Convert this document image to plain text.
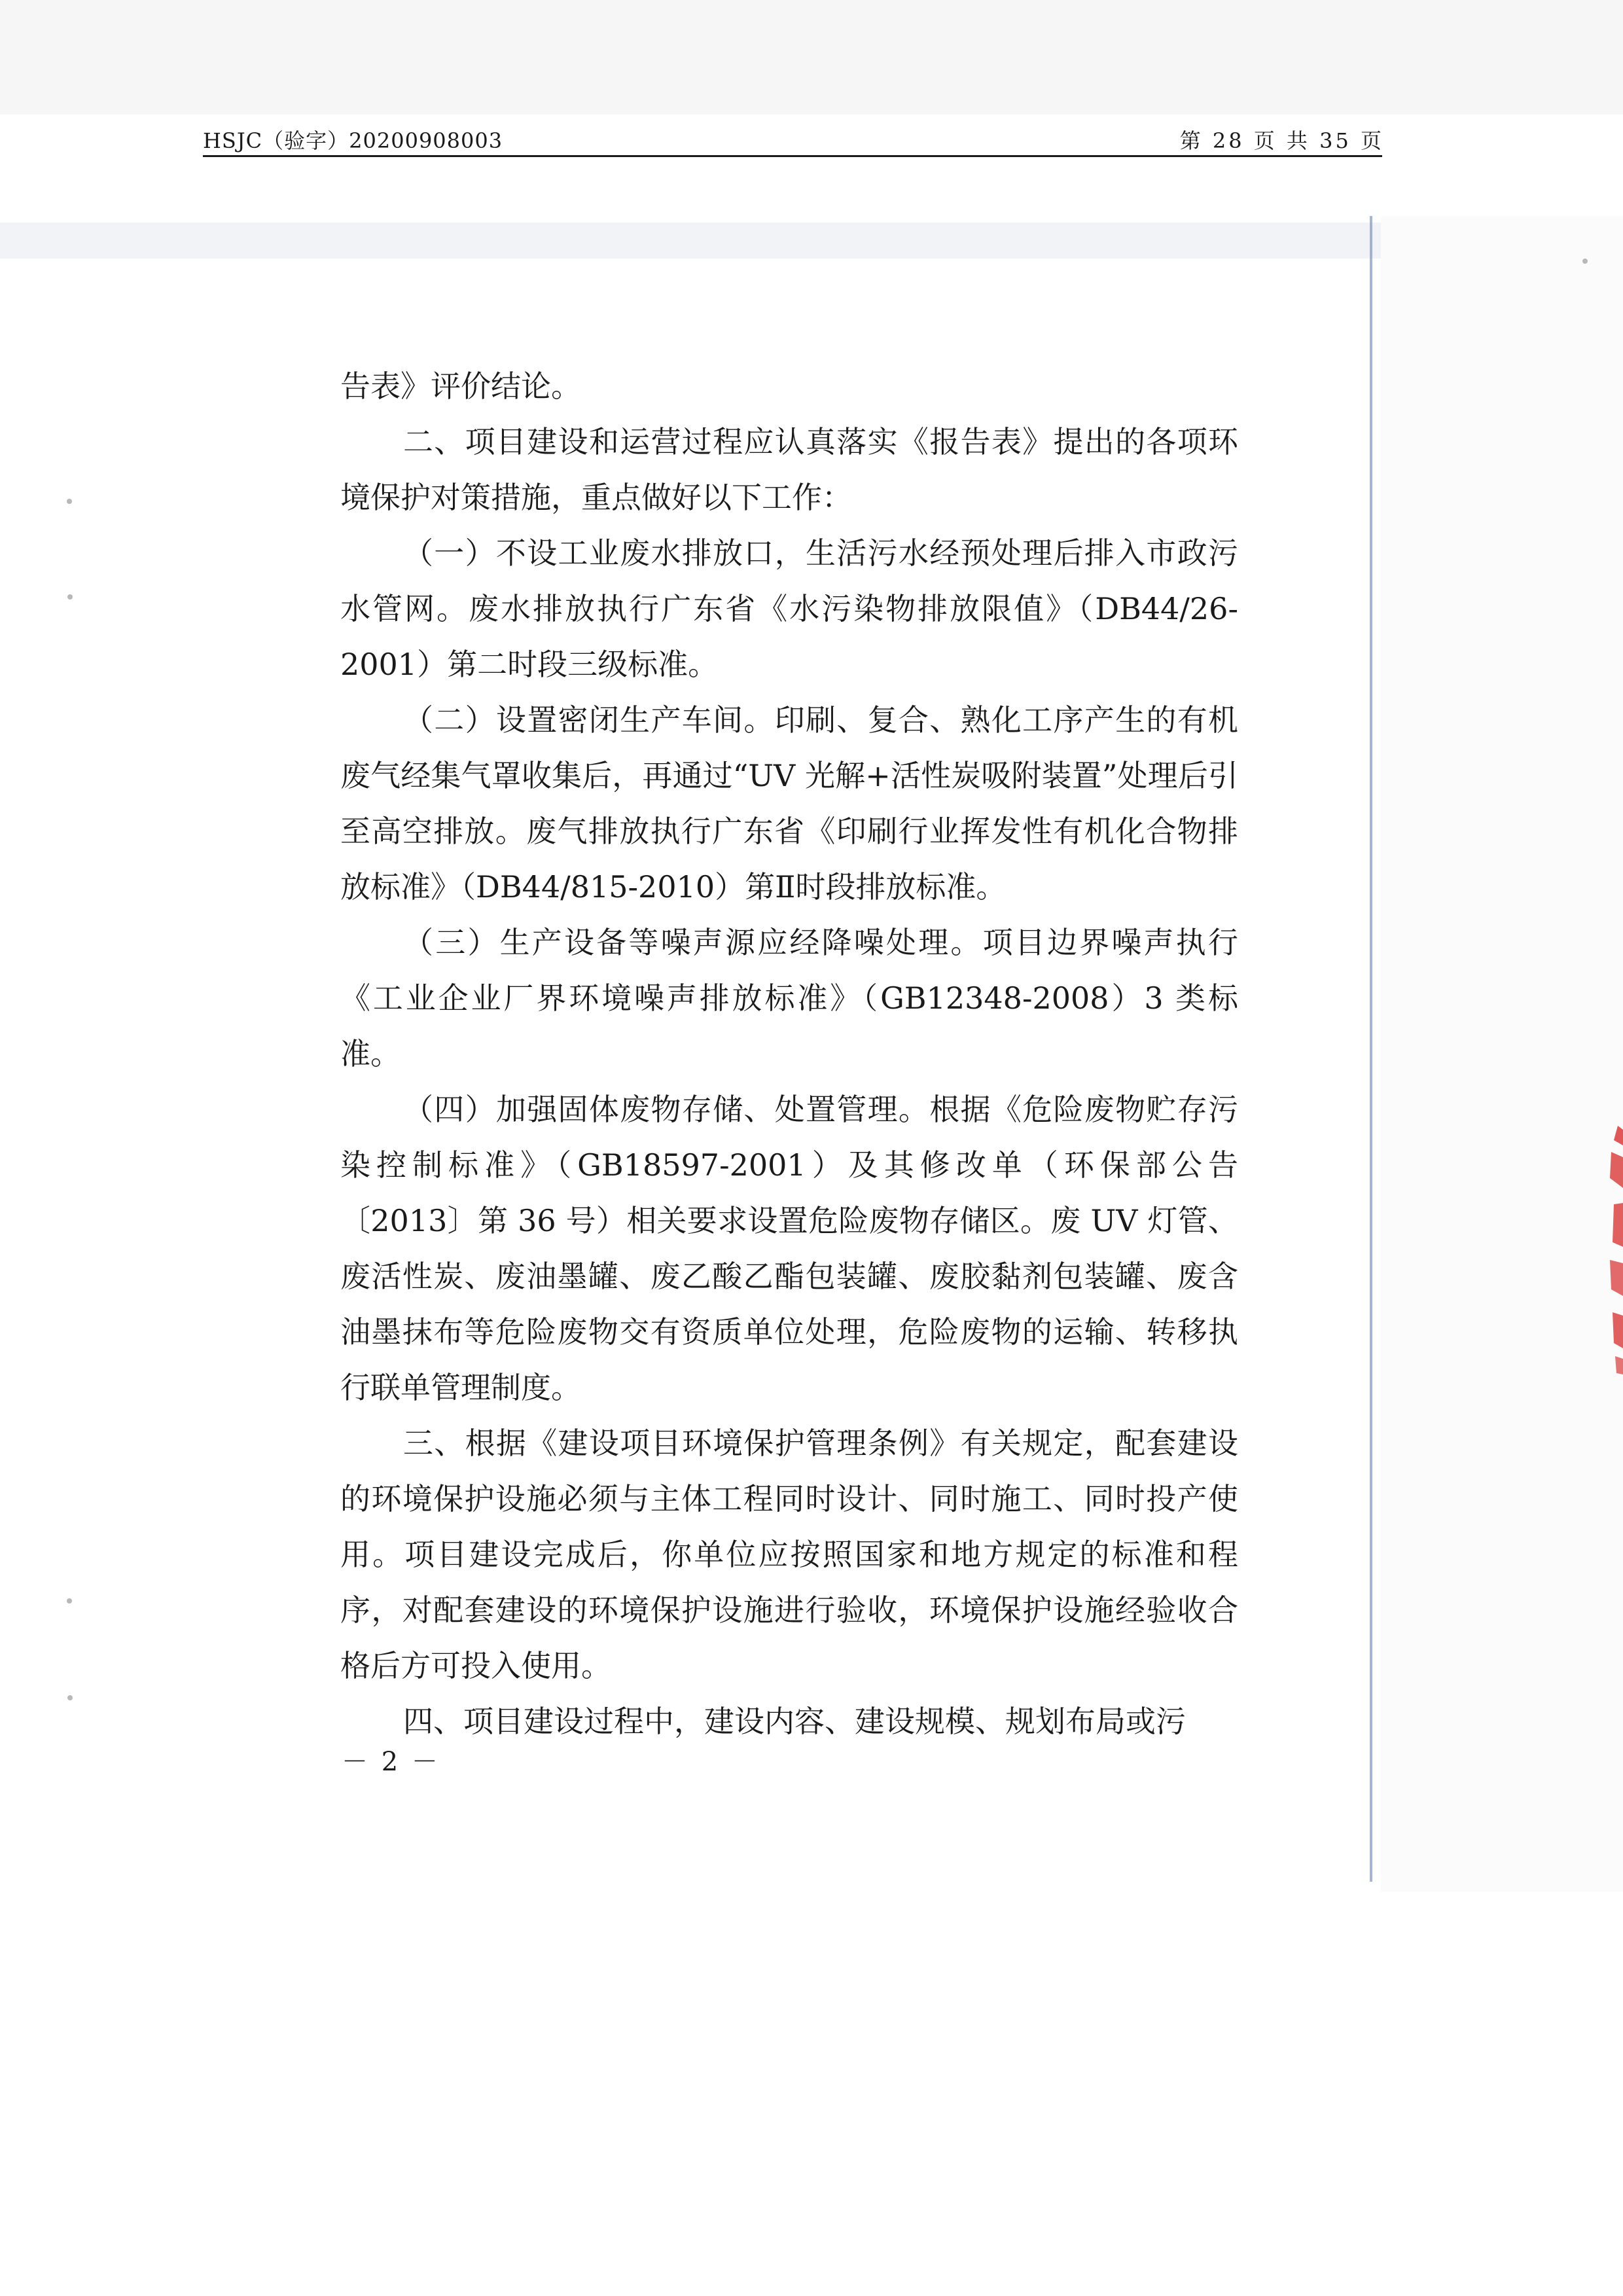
HSJC（验字）20200908003	第 28 页 共 35 页

告表》评价结论。

二、项目建设和运营过程应认真落实《报告表》提出的各项环境保护对策措施，重点做好以下工作：

（一）不设工业废水排放口，生活污水经预处理后排入市政污水管网。废水排放执行广东省《水污染物排放限值》（DB44/26-2001）第二时段三级标准。

（二）设置密闭生产车间。印刷、复合、熟化工序产生的有机废气经集气罩收集后，再通过“UV 光解+活性炭吸附装置”处理后引至高空排放。废气排放执行广东省《印刷行业挥发性有机化合物排放标准》（DB44/815-2010）第Ⅱ时段排放标准。

（三）生产设备等噪声源应经降噪处理。项目边界噪声执行《工业企业厂界环境噪声排放标准》（GB12348-2008）3 类标准。

（四）加强固体废物存储、处置管理。根据《危险废物贮存污染控制标准》（GB18597-2001）及其修改单（环保部公告〔2013〕第 36 号）相关要求设置危险废物存储区。废 UV 灯管、废活性炭、废油墨罐、废乙酸乙酯包装罐、废胶黏剂包装罐、废含油墨抹布等危险废物交有资质单位处理，危险废物的运输、转移执行联单管理制度。

三、根据《建设项目环境保护管理条例》有关规定，配套建设的环境保护设施必须与主体工程同时设计、同时施工、同时投产使用。项目建设完成后，你单位应按照国家和地方规定的标准和程序，对配套建设的环境保护设施进行验收，环境保护设施经验收合格后方可投入使用。

四、项目建设过程中，建设内容、建设规模、规划布局或污

－ 2 －
